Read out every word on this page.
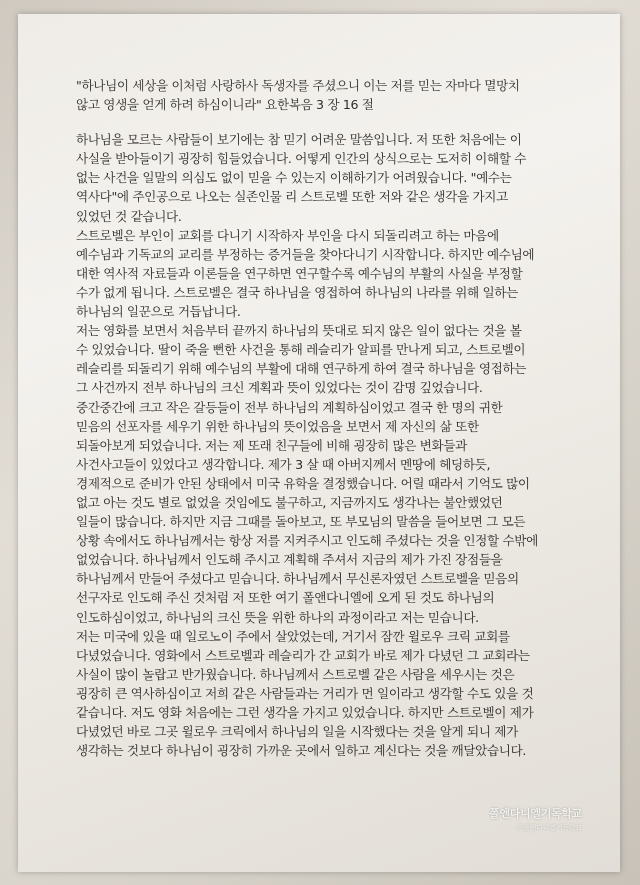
"하나님이 세상을 이처럼 사랑하사 독생자를 주셨으니 이는 저를 믿는 자마다 멸망치
않고 영생을 얻게 하려 하심이니라" 요한복음 3 장 16 절
하나님을 모르는 사람들이 보기에는 참 믿기 어려운 말씀입니다. 저 또한 처음에는 이
사실을 받아들이기 굉장히 힘들었습니다. 어떻게 인간의 상식으로는 도저히 이해할 수
없는 사건을 일말의 의심도 없이 믿을 수 있는지 이해하기가 어려웠습니다. "예수는
역사다"에 주인공으로 나오는 실존인물 리 스트로벨 또한 저와 같은 생각을 가지고
있었던 것 같습니다.
스트로벨은 부인이 교회를 다니기 시작하자 부인을 다시 되돌리려고 하는 마음에
예수님과 기독교의 교리를 부정하는 증거들을 찾아다니기 시작합니다. 하지만 예수님에
대한 역사적 자료들과 이론들을 연구하면 연구할수록 예수님의 부활의 사실을 부정할
수가 없게 됩니다. 스트로벨은 결국 하나님을 영접하여 하나님의 나라를 위해 일하는
하나님의 일꾼으로 거듭납니다.
저는 영화를 보면서 처음부터 끝까지 하나님의 뜻대로 되지 않은 일이 없다는 것을 볼
수 있었습니다. 딸이 죽을 뻔한 사건을 통해 레슬리가 알피를 만나게 되고, 스트로벨이
레슬리를 되돌리기 위해 예수님의 부활에 대해 연구하게 하여 결국 하나님을 영접하는
그 사건까지 전부 하나님의 크신 계획과 뜻이 있었다는 것이 감명 깊었습니다.
중간중간에 크고 작은 갈등들이 전부 하나님의 계획하심이었고 결국 한 명의 귀한
믿음의 선포자를 세우기 위한 하나님의 뜻이었음을 보면서 제 자신의 삶 또한
되돌아보게 되었습니다. 저는 제 또래 친구들에 비해 굉장히 많은 변화들과
사건사고들이 있었다고 생각합니다. 제가 3 살 때 아버지께서 멘땅에 헤딩하듯,
경제적으로 준비가 안된 상태에서 미국 유학을 결정했습니다. 어릴 때라서 기억도 많이
없고 아는 것도 별로 없었을 것임에도 불구하고, 지금까지도 생각나는 불안했었던
일들이 많습니다. 하지만 지금 그때를 돌아보고, 또 부모님의 말씀을 들어보면 그 모든
상황 속에서도 하나님께서는 항상 저를 지켜주시고 인도해 주셨다는 것을 인정할 수밖에
없었습니다. 하나님께서 인도해 주시고 계획해 주셔서 지금의 제가 가진 장점들을
하나님께서 만들어 주셨다고 믿습니다. 하나님께서 무신론자였던 스트로벨을 믿음의
선구자로 인도해 주신 것처럼 저 또한 여기 폴앤다니엘에 오게 된 것도 하나님의
인도하심이었고, 하나님의 크신 뜻을 위한 하나의 과정이라고 저는 믿습니다.
저는 미국에 있을 때 일로노이 주에서 살았었는데, 거기서 잠깐 윌로우 크릭 교회를
다녔었습니다. 영화에서 스트로벨과 레슬리가 간 교회가 바로 제가 다녔던 그 교회라는
사실이 많이 놀랍고 반가웠습니다. 하나님께서 스트로벨 같은 사람을 세우시는 것은
굉장히 큰 역사하심이고 저희 같은 사람들과는 거리가 먼 일이라고 생각할 수도 있을 것
같습니다. 저도 영화 처음에는 그런 생각을 가지고 있었습니다. 하지만 스트로벨이 제가
다녔었던 바로 그곳 윌로우 크릭에서 하나님의 일을 시작했다는 것을 알게 되니 제가
생각하는 것보다 하나님이 굉장히 가까운 곳에서 일하고 계신다는 것을 깨달았습니다.
폴앤다니엘기독학교
ⓒ폴앤다니엘기독학교
